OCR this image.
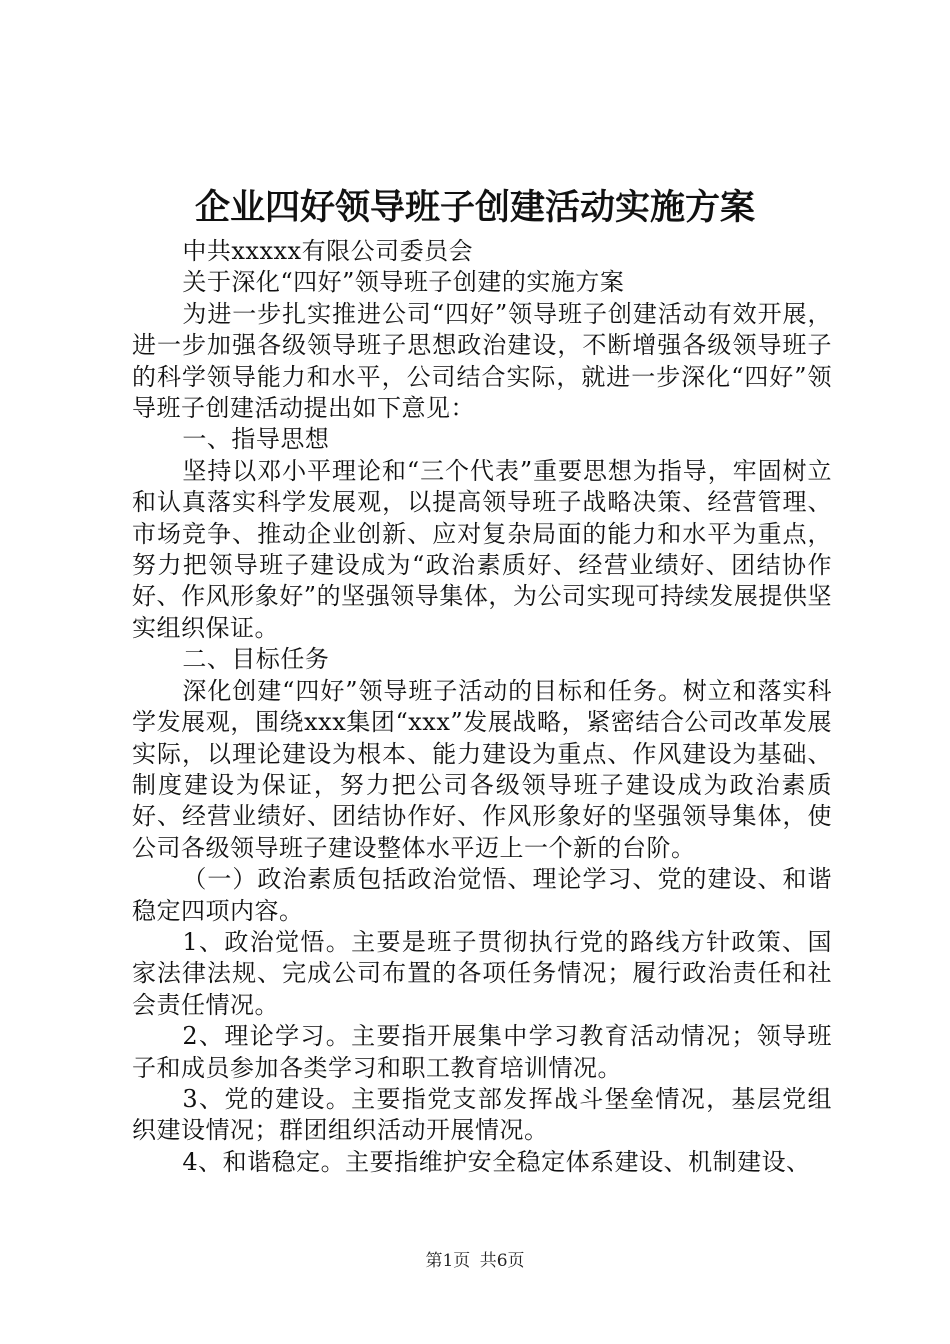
企业四好领导班子创建活动实施方案

中共xxxxx有限公司委员会

关于深化“四好”领导班子创建的实施方案

为进一步扎实推进公司“四好”领导班子创建活动有效开展，进一步加强各级领导班子思想政治建设，不断增强各级领导班子的科学领导能力和水平，公司结合实际，就进一步深化“四好”领导班子创建活动提出如下意见：

一、指导思想

坚持以邓小平理论和“三个代表”重要思想为指导，牢固树立和认真落实科学发展观，以提高领导班子战略决策、经营管理、市场竞争、推动企业创新、应对复杂局面的能力和水平为重点，努力把领导班子建设成为“政治素质好、经营业绩好、团结协作好、作风形象好”的坚强领导集体，为公司实现可持续发展提供坚实组织保证。

二、目标任务

深化创建“四好”领导班子活动的目标和任务。树立和落实科学发展观，围绕xxx集团“xxx”发展战略，紧密结合公司改革发展实际，以理论建设为根本、能力建设为重点、作风建设为基础、制度建设为保证，努力把公司各级领导班子建设成为政治素质好、经营业绩好、团结协作好、作风形象好的坚强领导集体，使公司各级领导班子建设整体水平迈上一个新的台阶。

（一）政治素质包括政治觉悟、理论学习、党的建设、和谐稳定四项内容。

1、政治觉悟。主要是班子贯彻执行党的路线方针政策、国家法律法规、完成公司布置的各项任务情况；履行政治责任和社会责任情况。

2、理论学习。主要指开展集中学习教育活动情况；领导班子和成员参加各类学习和职工教育培训情况。

3、党的建设。主要指党支部发挥战斗堡垒情况，基层党组织建设情况；群团组织活动开展情况。

4、和谐稳定。主要指维护安全稳定体系建设、机制建设、

第1页 共6页
